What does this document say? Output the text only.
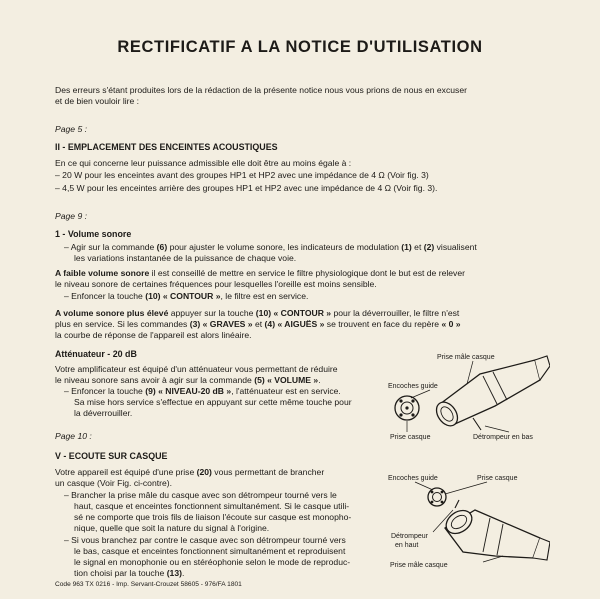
RECTIFICATIF A LA NOTICE D'UTILISATION
Des erreurs s'étant produites lors de la rédaction de la présente notice nous vous prions de nous en excuser
et de bien vouloir lire :
Page 5 :
II - EMPLACEMENT DES ENCEINTES ACOUSTIQUES
En ce qui concerne leur puissance admissible elle doit être au moins égale à :
– 20 W pour les enceintes avant des groupes HP1 et HP2 avec une impédance de 4 Ω (Voir fig. 3)
– 4,5 W pour les enceintes arrière des groupes HP1 et HP2 avec une impédance de 4 Ω (Voir fig. 3).
Page 9 :
1 - Volume sonore
– Agir sur la commande (6) pour ajuster le volume sonore, les indicateurs de modulation (1) et (2) visualisent
les variations instantanée de la puissance de chaque voie.
A faible volume sonore il est conseillé de mettre en service le filtre physiologique dont le but est de relever
le niveau sonore de certaines fréquences pour lesquelles l'oreille est moins sensible.
– Enfoncer la touche (10) « CONTOUR », le filtre est en service.
A volume sonore plus élevé appuyer sur la touche (10) « CONTOUR » pour la déverrouiller, le filtre n'est
plus en service. Si les commandes (3) « GRAVES » et (4) « AIGUËS » se trouvent en face du repère « 0 »
la courbe de réponse de l'appareil est alors linéaire.
Atténuateur - 20 dB
Votre amplificateur est équipé d'un atténuateur vous permettant de réduire
le niveau sonore sans avoir à agir sur la commande (5) « VOLUME ».
– Enfoncer la touche (9) « NIVEAU-20 dB », l'atténuateur est en service.
Sa mise hors service s'effectue en appuyant sur cette même touche pour
la déverrouiller.
Page 10 :
V - ECOUTE SUR CASQUE
Votre appareil est équipé d'une prise (20) vous permettant de brancher
un casque (Voir Fig. ci-contre).
– Brancher la prise mâle du casque avec son détrompeur tourné vers le
haut, casque et enceintes fonctionnent simultanément. Si le casque utili-
sé ne comporte que trois fils de liaison l'écoute sur casque est monopho-
nique, quelle que soit la nature du signal à l'origine.
– Si vous branchez par contre le casque avec son détrompeur tourné vers
le bas, casque et enceintes fonctionnent simultanément et reproduisent
le signal en monophonie ou en stéréophonie selon le mode de reproduc-
tion choisi par la touche (13).
Code 963 TX 0216 - Imp. Servant-Crouzet 58605 - 976/FA 1801
Prise mâle casque
Encoches guide
Prise casque	Détrompeur en bas
Encoches guide	Prise casque
Détrompeur
en haut
Prise mâle casque
